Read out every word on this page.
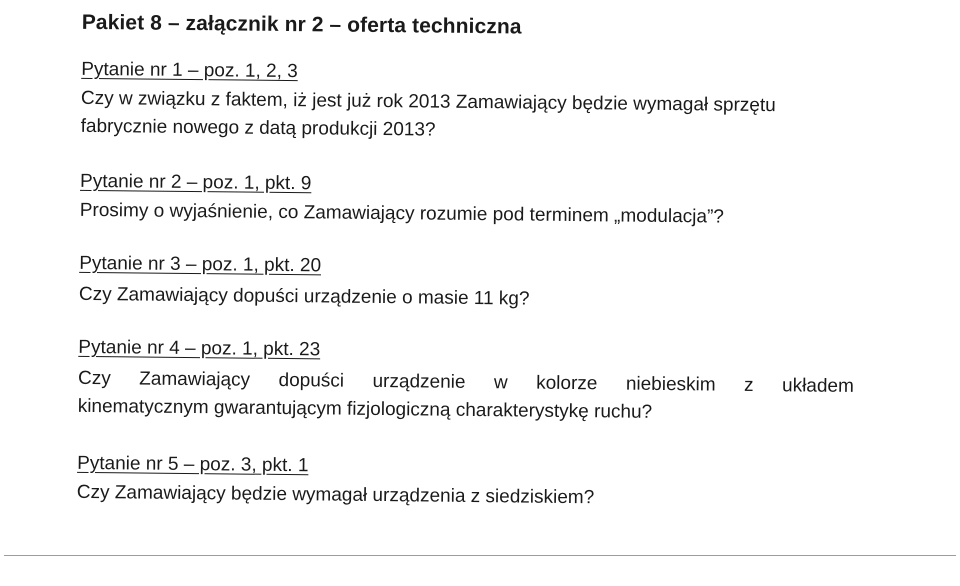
Pakiet 8 – załącznik nr 2 – oferta techniczna
Pytanie nr 1 – poz. 1, 2, 3
Czy w związku z faktem, iż jest już rok 2013 Zamawiający będzie wymagał sprzętu
fabrycznie nowego z datą produkcji 2013?
Pytanie nr 2 – poz. 1, pkt. 9
Prosimy o wyjaśnienie, co Zamawiający rozumie pod terminem „modulacja”?
Pytanie nr 3 – poz. 1, pkt. 20
Czy Zamawiający dopuści urządzenie o masie 11 kg?
Pytanie nr 4 – poz. 1, pkt. 23
Czy Zamawiający dopuści urządzenie w kolorze niebieskim z układem
kinematycznym gwarantującym fizjologiczną charakterystykę ruchu?
Pytanie nr 5 – poz. 3, pkt. 1
Czy Zamawiający będzie wymagał urządzenia z siedziskiem?
